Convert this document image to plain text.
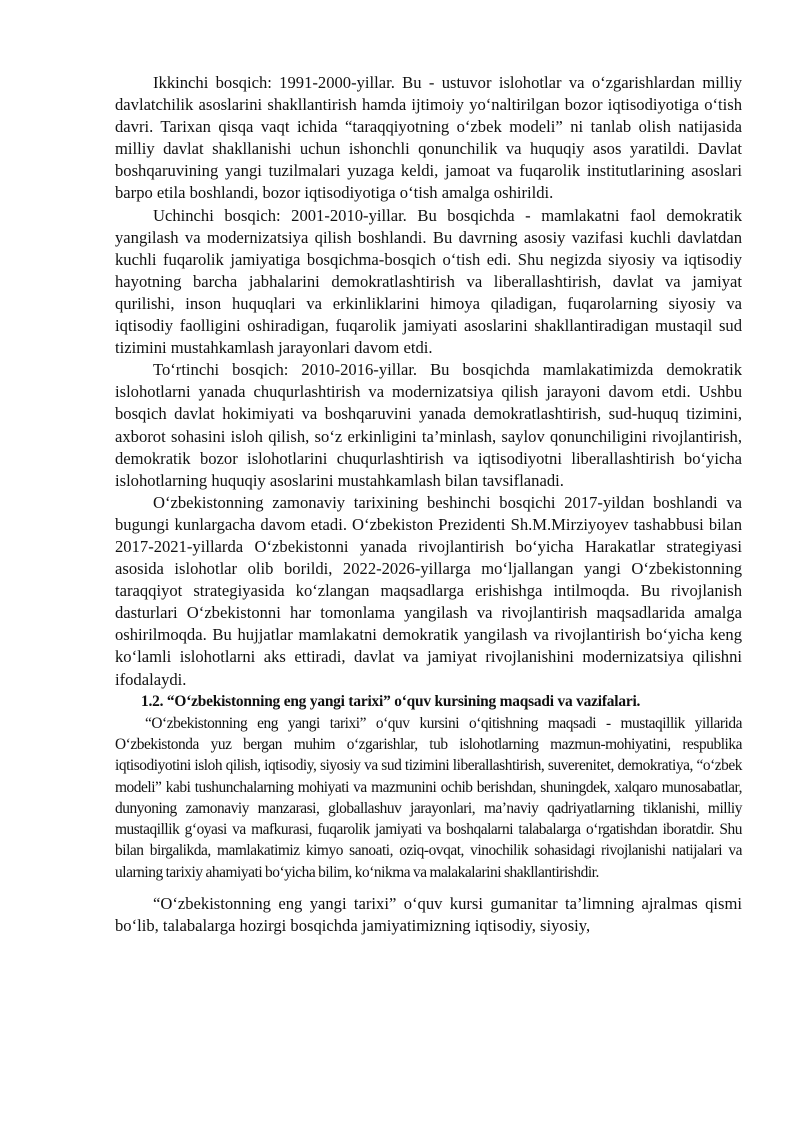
Ikkinchi bosqich: 1991-2000-yillar. Bu - ustuvor islohotlar va o‘zgarishlardan milliy davlatchilik asoslarini shakllantirish hamda ijtimoiy yo‘naltirilgan bozor iqtisodiyotiga o‘tish davri. Tarixan qisqa vaqt ichida “taraqqiyotning o‘zbek modeli” ni tanlab olish natijasida milliy davlat shakllanishi uchun ishonchli qonunchilik va huquqiy asos yaratildi. Davlat boshqaruvining yangi tuzilmalari yuzaga keldi, jamoat va fuqarolik institutlarining asoslari barpo etila boshlandi, bozor iqtisodiyotiga o‘tish amalga oshirildi.

Uchinchi bosqich: 2001-2010-yillar. Bu bosqichda - mamlakatni faol demokratik yangilash va modernizatsiya qilish boshlandi. Bu davrning asosiy vazifasi kuchli davlatdan kuchli fuqarolik jamiyatiga bosqichma-bosqich o‘tish edi. Shu negizda siyosiy va iqtisodiy hayotning barcha jabhalarini demokratlashtirish va liberallashtirish, davlat va jamiyat qurilishi, inson huquqlari va erkinliklarini himoya qiladigan, fuqarolarning siyosiy va iqtisodiy faolligini oshiradigan, fuqarolik jamiyati asoslarini shakllantiradigan mustaqil sud tizimini mustahkamlash jarayonlari davom etdi.

To‘rtinchi bosqich: 2010-2016-yillar. Bu bosqichda mamlakatimizda demokratik islohotlarni yanada chuqurlashtirish va modernizatsiya qilish jarayoni davom etdi. Ushbu bosqich davlat hokimiyati va boshqaruvini yanada demokratlashtirish, sud-huquq tizimini, axborot sohasini isloh qilish, so‘z erkinligini ta’minlash, saylov qonunchiligini rivojlantirish, demokratik bozor islohotlarini chuqurlashtirish va iqtisodiyotni liberallashtirish bo‘yicha islohotlarning huquqiy asoslarini mustahkamlash bilan tavsiflanadi.

O‘zbekistonning zamonaviy tarixining beshinchi bosqichi 2017-yildan boshlandi va bugungi kunlargacha davom etadi. O‘zbekiston Prezidenti Sh.M.Mirziyoyev tashabbusi bilan 2017-2021-yillarda O‘zbekistonni yanada rivojlantirish bo‘yicha Harakatlar strategiyasi asosida islohotlar olib borildi, 2022-2026-yillarga mo‘ljallangan yangi O‘zbekistonning taraqqiyot strategiyasida ko‘zlangan maqsadlarga erishishga intilmoqda. Bu rivojlanish dasturlari O‘zbekistonni har tomonlama yangilash va rivojlantirish maqsadlarida amalga oshirilmoqda. Bu hujjatlar mamlakatni demokratik yangilash va rivojlantirish bo‘yicha keng ko‘lamli islohotlarni aks ettiradi, davlat va jamiyat rivojlanishini modernizatsiya qilishni ifodalaydi.

1.2. “O‘zbekistonning eng yangi tarixi” o‘quv kursining maqsadi va vazifalari.

“O‘zbekistonning eng yangi tarixi” o‘quv kursini o‘qitishning maqsadi - mustaqillik yillarida O‘zbekistonda yuz bergan muhim o‘zgarishlar, tub islohotlarning mazmun-mohiyatini, respublika iqtisodiyotini isloh qilish, iqtisodiy, siyosiy va sud tizimini liberallashtirish, suverenitet, demokratiya, “o‘zbek modeli” kabi tushunchalarning mohiyati va mazmunini ochib berishdan, shuningdek, xalqaro munosabatlar, dunyoning zamonaviy manzarasi, globallashuv jarayonlari, ma’naviy qadriyatlarning tiklanishi, milliy mustaqillik g‘oyasi va mafkurasi, fuqarolik jamiyati va boshqalarni talabalarga o‘rgatishdan iboratdir. Shu bilan birgalikda, mamlakatimiz kimyo sanoati, oziq-ovqat, vinochilik sohasidagi rivojlanishi natijalari va ularning tarixiy ahamiyati bo‘yicha bilim, ko‘nikma va malakalarini shakllantirishdir.

“O‘zbekistonning eng yangi tarixi” o‘quv kursi gumanitar ta’limning ajralmas qismi bo‘lib, talabalarga hozirgi bosqichda jamiyatimizning iqtisodiy, siyosiy,
